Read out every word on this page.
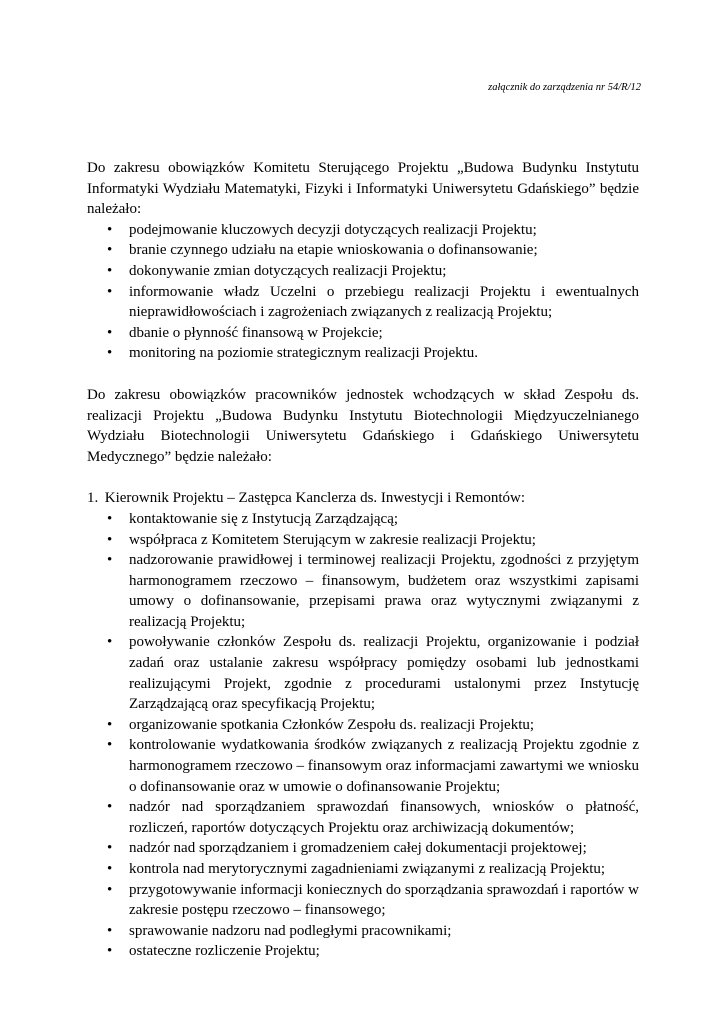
załącznik do zarządzenia nr 54/R/12

Do zakresu obowiązków Komitetu Sterującego Projektu „Budowa Budynku Instytutu Informatyki Wydziału Matematyki, Fizyki i Informatyki Uniwersytetu Gdańskiego” będzie należało:

• podejmowanie kluczowych decyzji dotyczących realizacji Projektu;
• branie czynnego udziału na etapie wnioskowania o dofinansowanie;
• dokonywanie zmian dotyczących realizacji Projektu;
• informowanie władz Uczelni o przebiegu realizacji Projektu i ewentualnych nieprawidłowościach i zagrożeniach związanych z realizacją Projektu;
• dbanie o płynność finansową w Projekcie;
• monitoring na poziomie strategicznym realizacji Projektu.

Do zakresu obowiązków pracowników jednostek wchodzących w skład Zespołu ds. realizacji Projektu „Budowa Budynku Instytutu Biotechnologii Międzyuczelnianego Wydziału Biotechnologii Uniwersytetu Gdańskiego i Gdańskiego Uniwersytetu Medycznego” będzie należało:

1. Kierownik Projektu – Zastępca Kanclerza ds. Inwestycji i Remontów:

• kontaktowanie się z Instytucją Zarządzającą;
• współpraca z Komitetem Sterującym w zakresie realizacji Projektu;
• nadzorowanie prawidłowej i terminowej realizacji Projektu, zgodności z przyjętym harmonogramem rzeczowo – finansowym, budżetem oraz wszystkimi zapisami umowy o dofinansowanie, przepisami prawa oraz wytycznymi związanymi z realizacją Projektu;
• powoływanie członków Zespołu ds. realizacji Projektu, organizowanie i podział zadań oraz ustalanie zakresu współpracy pomiędzy osobami lub jednostkami realizującymi Projekt, zgodnie z procedurami ustalonymi przez Instytucję Zarządzającą oraz specyfikacją Projektu;
• organizowanie spotkania Członków Zespołu ds. realizacji Projektu;
• kontrolowanie wydatkowania środków związanych z realizacją Projektu zgodnie z harmonogramem rzeczowo – finansowym oraz informacjami zawartymi we wniosku o dofinansowanie oraz w umowie o dofinansowanie Projektu;
• nadzór nad sporządzaniem sprawozdań finansowych, wniosków o płatność, rozliczeń, raportów dotyczących Projektu oraz archiwizacją dokumentów;
• nadzór nad sporządzaniem i gromadzeniem całej dokumentacji projektowej;
• kontrola nad merytorycznymi zagadnieniami związanymi z realizacją Projektu;
• przygotowywanie informacji koniecznych do sporządzania sprawozdań i raportów w zakresie postępu rzeczowo – finansowego;
• sprawowanie nadzoru nad podległymi pracownikami;
• ostateczne rozliczenie Projektu;
